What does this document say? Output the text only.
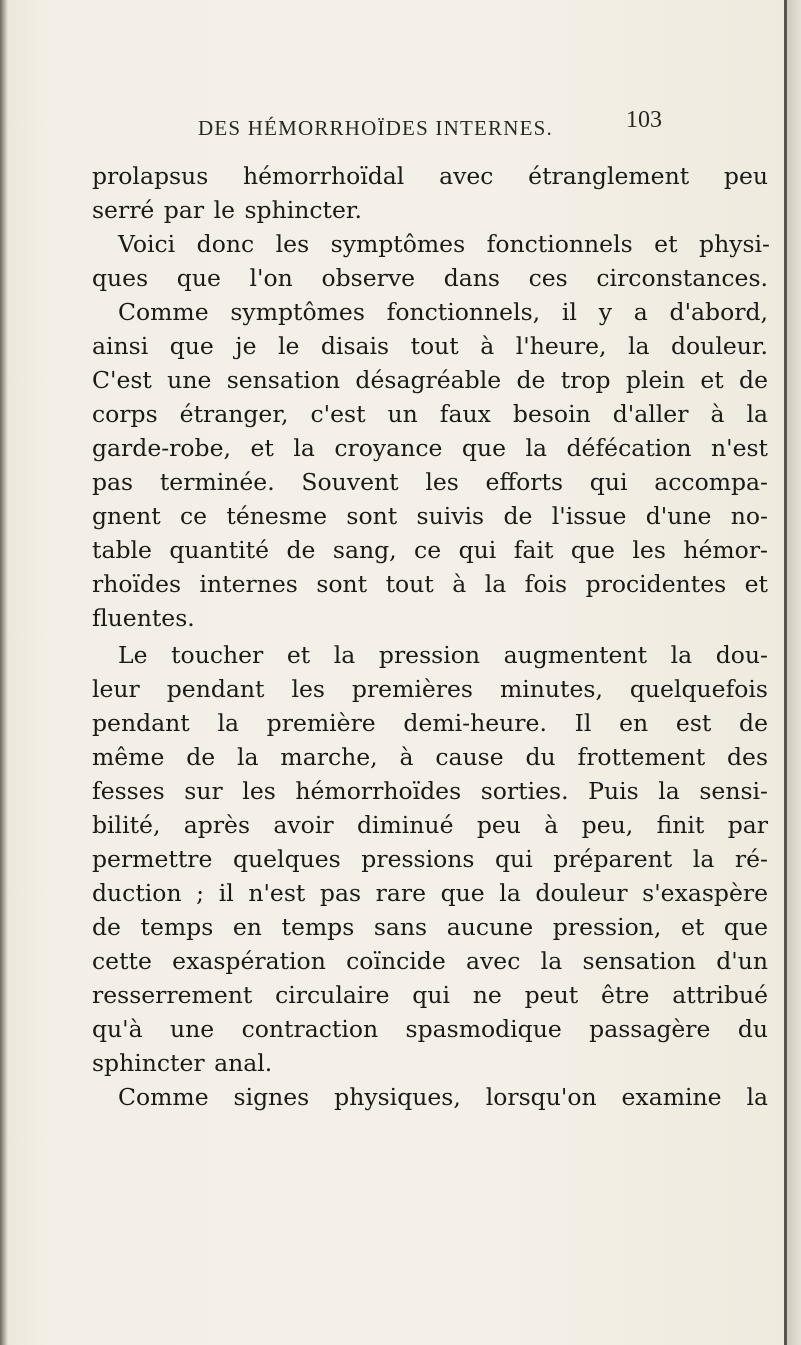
DES HÉMORRHOÏDES INTERNES.	103
prolapsus hémorrhoïdal avec étranglement peu
serré par le sphincter.
Voici donc les symptômes fonctionnels et physi-
ques que l'on observe dans ces circonstances.
Comme symptômes fonctionnels, il y a d'abord,
ainsi que je le disais tout à l'heure, la douleur.
C'est une sensation désagréable de trop plein et de
corps étranger, c'est un faux besoin d'aller à la
garde-robe, et la croyance que la défécation n'est
pas terminée. Souvent les efforts qui accompa-
gnent ce ténesme sont suivis de l'issue d'une no-
table quantité de sang, ce qui fait que les hémor-
rhoïdes internes sont tout à la fois procidentes et
fluentes.
Le toucher et la pression augmentent la dou-
leur pendant les premières minutes, quelquefois
pendant la première demi-heure. Il en est de
même de la marche, à cause du frottement des
fesses sur les hémorrhoïdes sorties. Puis la sensi-
bilité, après avoir diminué peu à peu, finit par
permettre quelques pressions qui préparent la ré-
duction ; il n'est pas rare que la douleur s'exaspère
de temps en temps sans aucune pression, et que
cette exaspération coïncide avec la sensation d'un
resserrement circulaire qui ne peut être attribué
qu'à une contraction spasmodique passagère du
sphincter anal.
Comme signes physiques, lorsqu'on examine la
